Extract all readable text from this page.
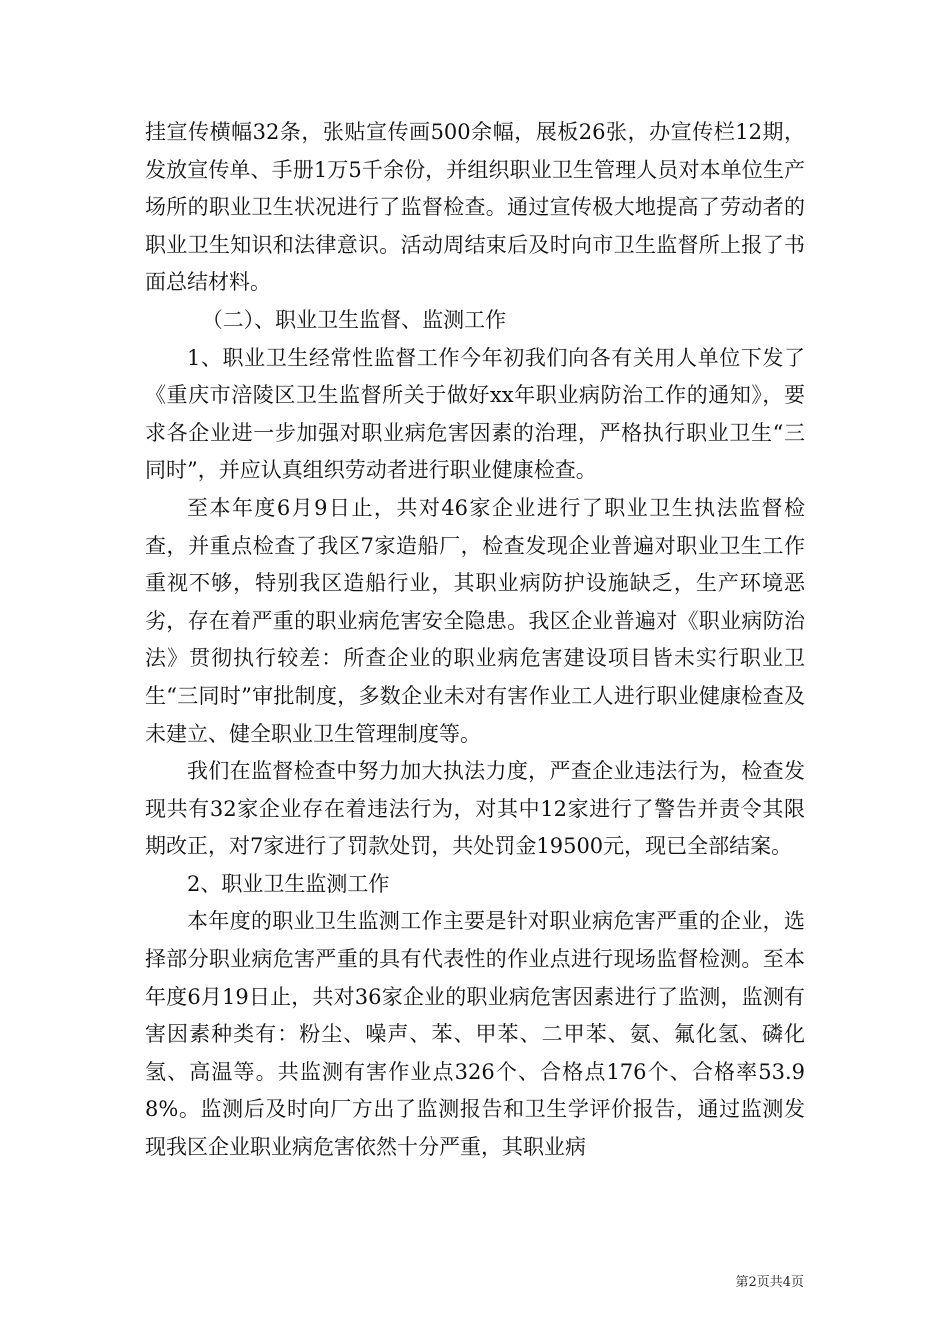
挂宣传横幅32条，张贴宣传画500余幅，展板26张，办宣传栏12期，发放宣传单、手册1万5千余份，并组织职业卫生管理人员对本单位生产场所的职业卫生状况进行了监督检查。通过宣传极大地提高了劳动者的职业卫生知识和法律意识。活动周结束后及时向市卫生监督所上报了书面总结材料。

（二）、职业卫生监督、监测工作

1、职业卫生经常性监督工作今年初我们向各有关用人单位下发了《重庆市涪陵区卫生监督所关于做好xx年职业病防治工作的通知》，要求各企业进一步加强对职业病危害因素的治理，严格执行职业卫生“三同时”，并应认真组织劳动者进行职业健康检查。

至本年度6月9日止，共对46家企业进行了职业卫生执法监督检查，并重点检查了我区7家造船厂，检查发现企业普遍对职业卫生工作重视不够，特别我区造船行业，其职业病防护设施缺乏，生产环境恶劣，存在着严重的职业病危害安全隐患。我区企业普遍对《职业病防治法》贯彻执行较差：所查企业的职业病危害建设项目皆未实行职业卫生“三同时”审批制度，多数企业未对有害作业工人进行职业健康检查及未建立、健全职业卫生管理制度等。

我们在监督检查中努力加大执法力度，严查企业违法行为，检查发现共有32家企业存在着违法行为，对其中12家进行了警告并责令其限期改正，对7家进行了罚款处罚，共处罚金19500元，现已全部结案。

2、职业卫生监测工作

本年度的职业卫生监测工作主要是针对职业病危害严重的企业，选择部分职业病危害严重的具有代表性的作业点进行现场监督检测。至本年度6月19日止，共对36家企业的职业病危害因素进行了监测，监测有害因素种类有：粉尘、噪声、苯、甲苯、二甲苯、氨、氟化氢、磷化氢、高温等。共监测有害作业点326个、合格点176个、合格率53.98%。监测后及时向厂方出了监测报告和卫生学评价报告，通过监测发现我区企业职业病危害依然十分严重，其职业病

第2页共4页
